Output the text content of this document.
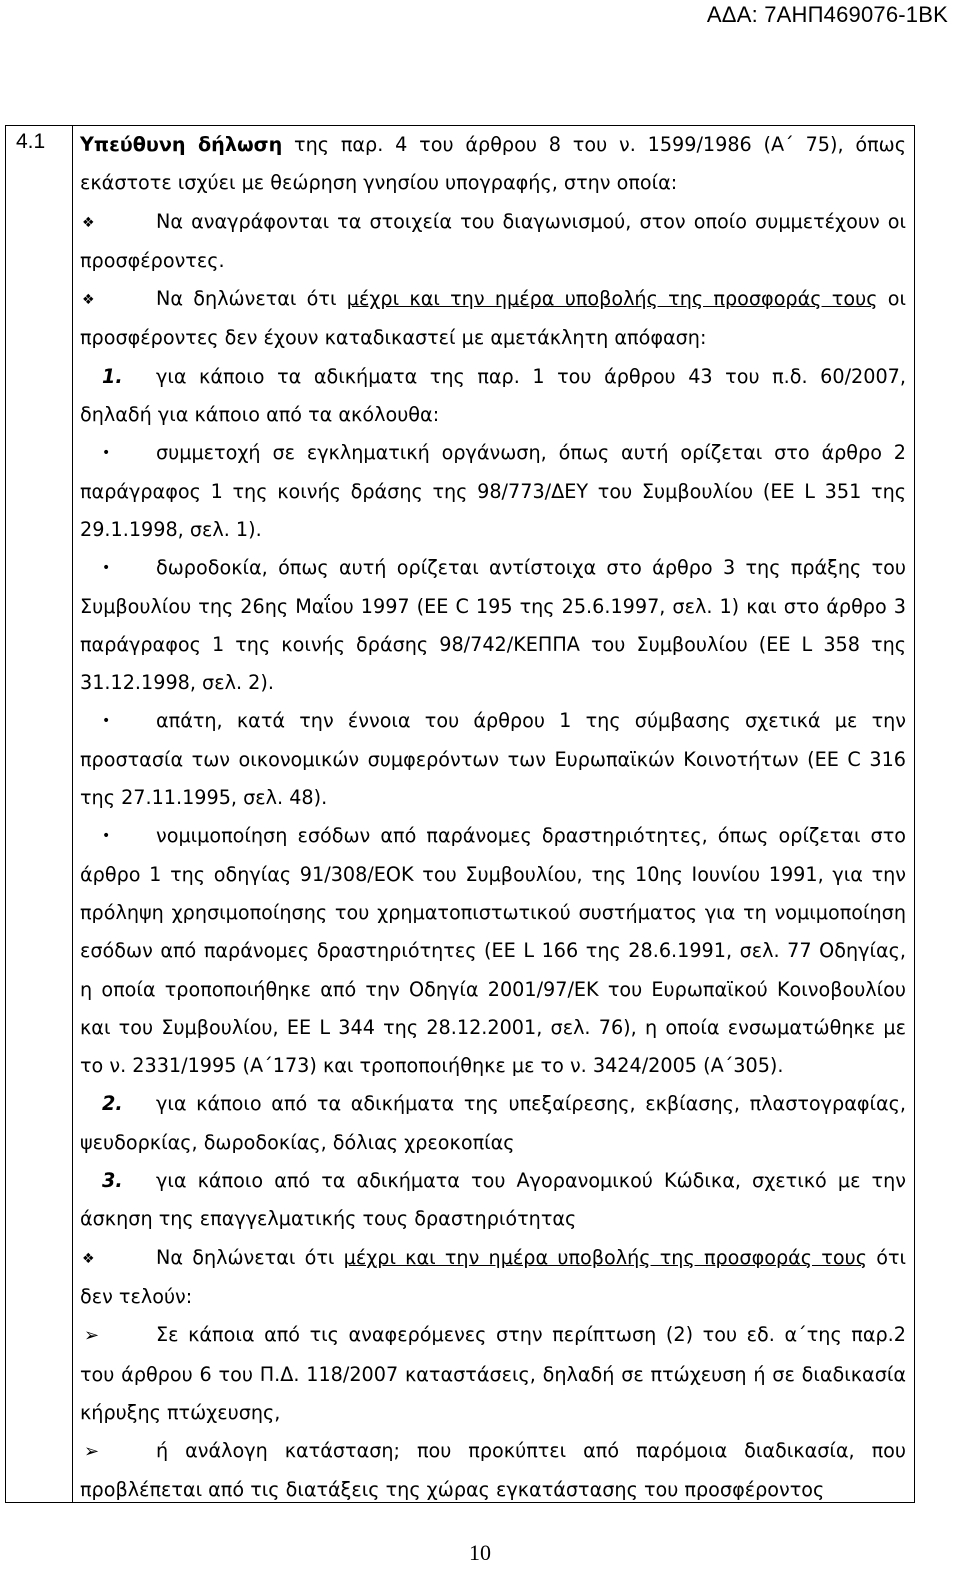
ΑΔΑ: 7ΑΗΠ469076-1ΒΚ
4.1 Υπεύθυνη δήλωση της παρ. 4 του άρθρου 8 του ν. 1599/1986 (Α΄ 75), όπως εκάστοτε ισχύει με θεώρηση γνησίου υπογραφής, στην οποία:

❖	Να αναγράφονται τα στοιχεία του διαγωνισμού, στον οποίο συμμετέχουν οι προσφέροντες.

❖	Να δηλώνεται ότι μέχρι και την ημέρα υποβολής της προσφοράς τους οι προσφέροντες δεν έχουν καταδικαστεί με αμετάκλητη απόφαση:

1. για κάποιο τα αδικήματα της παρ. 1 του άρθρου 43 του π.δ. 60/2007, δηλαδή για κάποιο από τα ακόλουθα:

• συμμετοχή σε εγκληματική οργάνωση, όπως αυτή ορίζεται στο άρθρο 2 παράγραφος 1 της κοινής δράσης της 98/773/ΔΕΥ του Συμβουλίου (ΕΕ L 351 της 29.1.1998, σελ. 1).

• δωροδοκία, όπως αυτή ορίζεται αντίστοιχα στο άρθρο 3 της πράξης του Συμβουλίου της 26ης Μαΐου 1997 (ΕΕ C 195 της 25.6.1997, σελ. 1) και στο άρθρο 3 παράγραφος 1 της κοινής δράσης 98/742/ΚΕΠΠΑ του Συμβουλίου (ΕΕ L 358 της 31.12.1998, σελ. 2).

• απάτη, κατά την έννοια του άρθρου 1 της σύμβασης σχετικά με την προστασία των οικονομικών συμφερόντων των Ευρωπαϊκών Κοινοτήτων (ΕΕ C 316 της 27.11.1995, σελ. 48).

• νομιμοποίηση εσόδων από παράνομες δραστηριότητες, όπως ορίζεται στο άρθρο 1 της οδηγίας 91/308/ΕΟΚ του Συμβουλίου, της 10ης Ιουνίου 1991, για την πρόληψη χρησιμοποίησης του χρηματοπιστωτικού συστήματος για τη νομιμοποίηση εσόδων από παράνομες δραστηριότητες (ΕΕ L 166 της 28.6.1991, σελ. 77 Οδηγίας, η οποία τροποποιήθηκε από την Οδηγία 2001/97/ΕΚ του Ευρωπαϊκού Κοινοβουλίου και του Συμβουλίου, ΕΕ L 344 της 28.12.2001, σελ. 76), η οποία ενσωματώθηκε με το ν. 2331/1995 (Α΄173) και τροποποιήθηκε με το ν. 3424/2005 (Α΄305).

2. για κάποιο από τα αδικήματα της υπεξαίρεσης, εκβίασης, πλαστογραφίας, ψευδορκίας, δωροδοκίας, δόλιας χρεοκοπίας

3. για κάποιο από τα αδικήματα του Αγορανομικού Κώδικα, σχετικό με την άσκηση της επαγγελματικής τους δραστηριότητας

❖	Να δηλώνεται ότι μέχρι και την ημέρα υποβολής της προσφοράς τους ότι δεν τελούν:

➢	Σε κάποια από τις αναφερόμενες στην περίπτωση (2) του εδ. α΄της παρ.2 του άρθρου 6 του Π.Δ. 118/2007 καταστάσεις, δηλαδή σε πτώχευση ή σε διαδικασία κήρυξης πτώχευσης,

➢	ή ανάλογη κατάσταση; που προκύπτει από παρόμοια διαδικασία, που προβλέπεται από τις διατάξεις της χώρας εγκατάστασης του προσφέροντος

10
